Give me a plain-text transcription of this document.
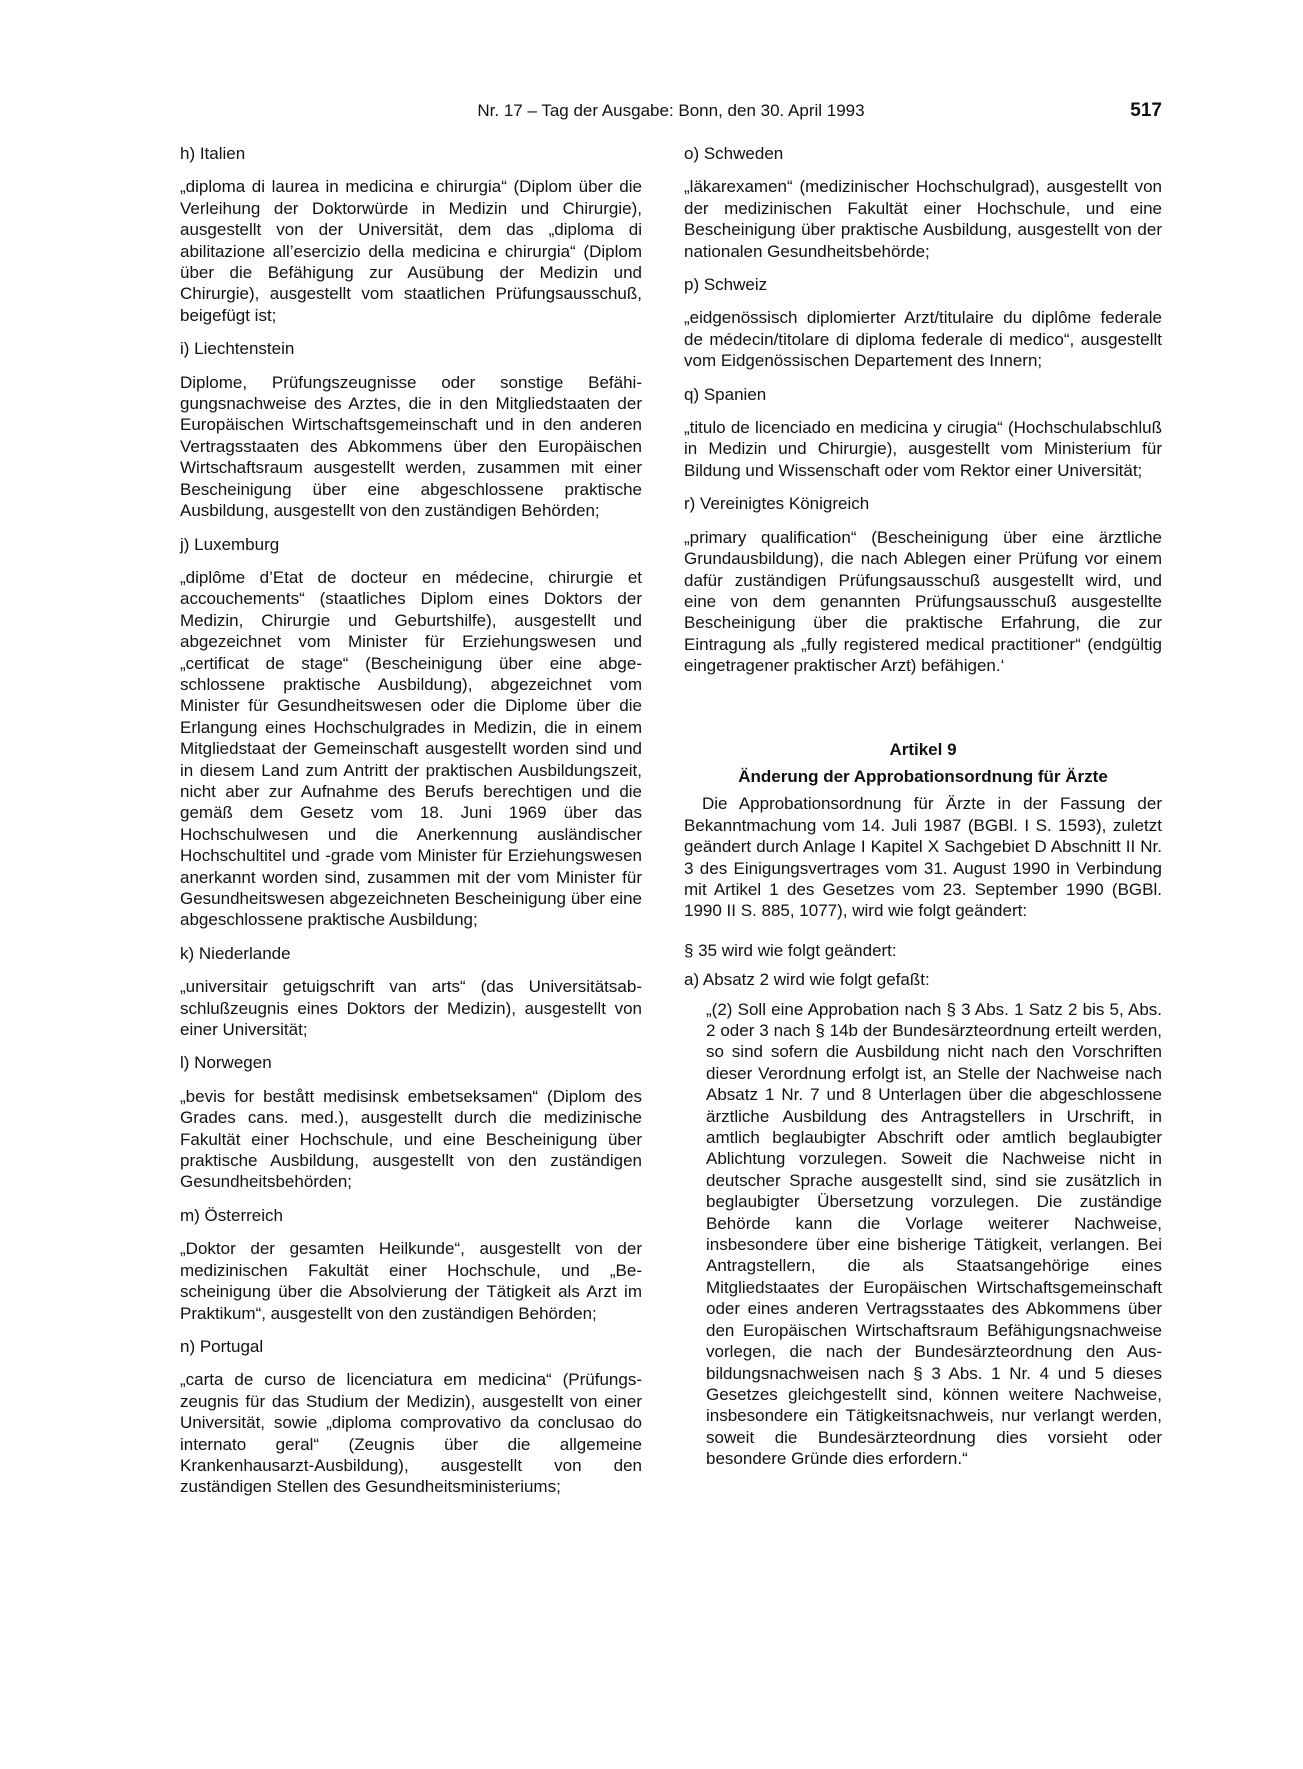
Nr. 17 – Tag der Ausgabe: Bonn, den 30. April 1993	517
h) Italien
„diploma di laurea in medicina e chirurgia“ (Diplom über die Verleihung der Doktorwürde in Medizin und Chirurgie), ausgestellt von der Universität, dem das „diploma di abilitazione all’esercizio della medicina e chirurgia“ (Diplom über die Befähigung zur Ausübung der Medizin und Chirurgie), ausgestellt vom staatlichen Prüfungsausschuß, beigefügt ist;
i) Liechtenstein
Diplome, Prüfungszeugnisse oder sonstige Befähigungsnachweise des Arztes, die in den Mitgliedstaaten der Europäischen Wirtschaftsgemeinschaft und in den anderen Vertragsstaaten des Abkommens über den Europäischen Wirtschaftsraum ausgestellt werden, zusammen mit einer Bescheinigung über eine abgeschlossene praktische Ausbildung, ausgestellt von den zuständigen Behörden;
j) Luxemburg
„diplôme d’Etat de docteur en médecine, chirurgie et accouchements“ (staatliches Diplom eines Doktors der Medizin, Chirurgie und Geburtshilfe), ausgestellt und abgezeichnet vom Minister für Erziehungswesen und „certificat de stage“ (Bescheinigung über eine abgeschlossene praktische Ausbildung), abgezeichnet vom Minister für Gesundheitswesen oder die Diplome über die Erlangung eines Hochschulgrades in Medizin, die in einem Mitgliedstaat der Gemeinschaft ausgestellt worden sind und in diesem Land zum Antritt der praktischen Ausbildungszeit, nicht aber zur Aufnahme des Berufs berechtigen und die gemäß dem Gesetz vom 18. Juni 1969 über das Hochschulwesen und die Anerkennung ausländischer Hochschultitel und -grade vom Minister für Erziehungswesen anerkannt worden sind, zusammen mit der vom Minister für Gesundheitswesen abgezeichneten Bescheinigung über eine abgeschlossene praktische Ausbildung;
k) Niederlande
„universitair getuigschrift van arts“ (das Universitätsabschlußzeugnis eines Doktors der Medizin), ausgestellt von einer Universität;
l) Norwegen
„bevis for bestått medisinsk embetseksamen“ (Diplom des Grades cans. med.), ausgestellt durch die medizinische Fakultät einer Hochschule, und eine Bescheinigung über praktische Ausbildung, ausgestellt von den zuständigen Gesundheitsbehörden;
m) Österreich
„Doktor der gesamten Heilkunde“, ausgestellt von der medizinischen Fakultät einer Hochschule, und „Bescheinigung über die Absolvierung der Tätigkeit als Arzt im Praktikum“, ausgestellt von den zuständigen Behörden;
n) Portugal
„carta de curso de licenciatura em medicina“ (Prüfungszeugnis für das Studium der Medizin), ausgestellt von einer Universität, sowie „diploma comprovativo da conclusao do internato geral“ (Zeugnis über die allgemeine Krankenhausarzt-Ausbildung), ausgestellt von den zuständigen Stellen des Gesundheitsministeriums;
o) Schweden
„läkarexamen“ (medizinischer Hochschulgrad), ausgestellt von der medizinischen Fakultät einer Hochschule, und eine Bescheinigung über praktische Ausbildung, ausgestellt von der nationalen Gesundheitsbehörde;
p) Schweiz
„eidgenössisch diplomierter Arzt/titulaire du diplôme federale de médecin/titolare di diploma federale di medico“, ausgestellt vom Eidgenössischen Departement des Innern;
q) Spanien
„titulo de licenciado en medicina y cirugia“ (Hochschulabschluß in Medizin und Chirurgie), ausgestellt vom Ministerium für Bildung und Wissenschaft oder vom Rektor einer Universität;
r) Vereinigtes Königreich
„primary qualification“ (Bescheinigung über eine ärztliche Grundausbildung), die nach Ablegen einer Prüfung vor einem dafür zuständigen Prüfungsausschuß ausgestellt wird, und eine von dem genannten Prüfungsausschuß ausgestellte Bescheinigung über die praktische Erfahrung, die zur Eintragung als „fully registered medical practitioner“ (endgültig eingetragener praktischer Arzt) befähigen.‘
Artikel 9
Änderung der Approbationsordnung für Ärzte
Die Approbationsordnung für Ärzte in der Fassung der Bekanntmachung vom 14. Juli 1987 (BGBl. I S. 1593), zuletzt geändert durch Anlage I Kapitel X Sachgebiet D Abschnitt II Nr. 3 des Einigungsvertrages vom 31. August 1990 in Verbindung mit Artikel 1 des Gesetzes vom 23. September 1990 (BGBl. 1990 II S. 885, 1077), wird wie folgt geändert:
§ 35 wird wie folgt geändert:
a) Absatz 2 wird wie folgt gefaßt:
„(2) Soll eine Approbation nach § 3 Abs. 1 Satz 2 bis 5, Abs. 2 oder 3 nach § 14b der Bundesärzteordnung erteilt werden, so sind sofern die Ausbildung nicht nach den Vorschriften dieser Verordnung erfolgt ist, an Stelle der Nachweise nach Absatz 1 Nr. 7 und 8 Unterlagen über die abgeschlossene ärztliche Ausbildung des Antragstellers in Urschrift, in amtlich beglaubigter Abschrift oder amtlich beglaubigter Ablichtung vorzulegen. Soweit die Nachweise nicht in deutscher Sprache ausgestellt sind, sind sie zusätzlich in beglaubigter Übersetzung vorzulegen. Die zuständige Behörde kann die Vorlage weiterer Nachweise, insbesondere über eine bisherige Tätigkeit, verlangen. Bei Antragstellern, die als Staatsangehörige eines Mitgliedstaates der Europäischen Wirtschaftsgemeinschaft oder eines anderen Vertragsstaates des Abkommens über den Europäischen Wirtschaftsraum Befähigungsnachweise vorlegen, die nach der Bundesärzteordnung den Ausbildungsnachweisen nach § 3 Abs. 1 Nr. 4 und 5 dieses Gesetzes gleichgestellt sind, können weitere Nachweise, insbesondere ein Tätigkeitsnachweis, nur verlangt werden, soweit die Bundesärzteordnung dies vorsieht oder besondere Gründe dies erfordern.“
